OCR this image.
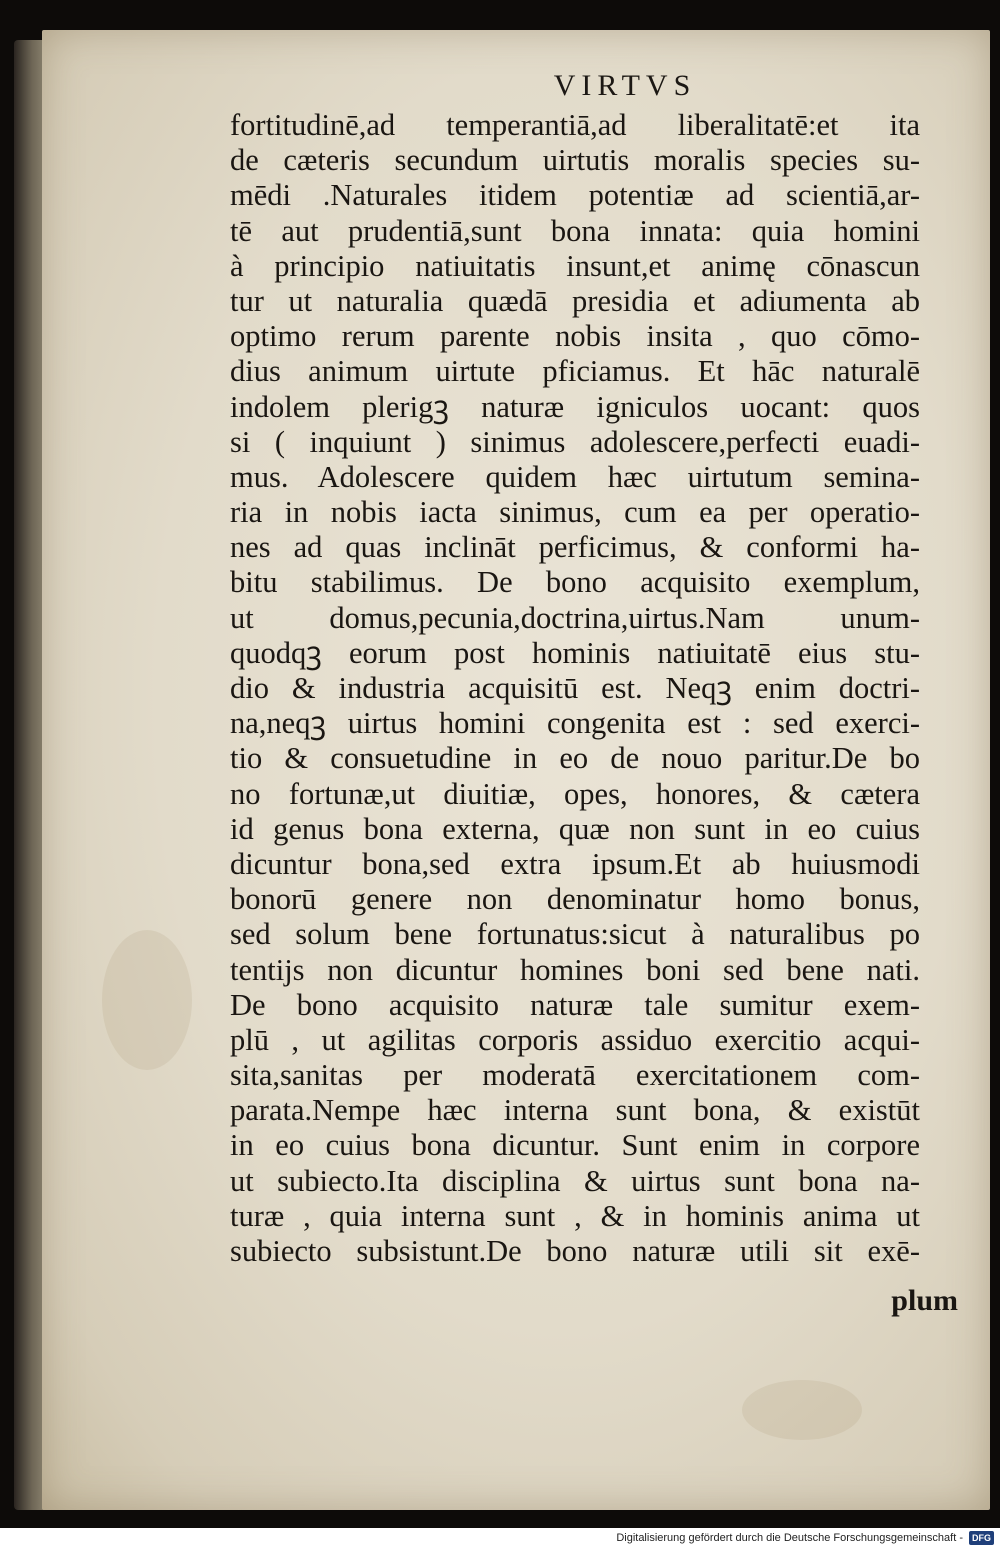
VIRTVS
fortitudinē,ad temperantiā,ad liberalitatē:et ita
de cæteris secundum uirtutis moralis species su-
mēdi .Naturales itidem potentiæ ad scientiā,ar-
tē aut prudentiā,sunt bona innata: quia homini
à principio natiuitatis insunt,et animę cōnascun
tur ut naturalia quædā presidia et adiumenta ab
optimo rerum parente nobis insita , quo cōmo-
dius animum uirtute pficiamus. Et hāc naturalē
indolem plerigꝫ naturæ igniculos uocant: quos
si ( inquiunt ) sinimus adolescere,perfecti euadi-
mus. Adolescere quidem hæc uirtutum semina-
ria in nobis iacta sinimus, cum ea per operatio-
nes ad quas inclināt perficimus, & conformi ha-
bitu stabilimus. De bono acquisito exemplum,
ut domus,pecunia,doctrina,uirtus.Nam unum-
quodqꝫ eorum post hominis natiuitatē eius stu-
dio & industria acquisitū est. Neqꝫ enim doctri-
na,neqꝫ uirtus homini congenita est : sed exerci-
tio & consuetudine in eo de nouo paritur.De bo
no fortunæ,ut diuitiæ, opes, honores, & cætera
id genus bona externa, quæ non sunt in eo cuius
dicuntur bona,sed extra ipsum.Et ab huiusmodi
bonorū genere non denominatur homo bonus,
sed solum bene fortunatus:sicut à naturalibus po
tentijs non dicuntur homines boni sed bene nati.
De bono acquisito naturæ tale sumitur exem-
plū , ut agilitas corporis assiduo exercitio acqui-
sita,sanitas per moderatā exercitationem com-
parata.Nempe hæc interna sunt bona, & existūt
in eo cuius bona dicuntur. Sunt enim in corpore
ut subiecto.Ita disciplina & uirtus sunt bona na-
turæ , quia interna sunt , & in hominis anima ut
subiecto subsistunt.De bono naturæ utili sit exē-
plum
Digitalisierung gefördert durch die Deutsche Forschungsgemeinschaft - DFG
